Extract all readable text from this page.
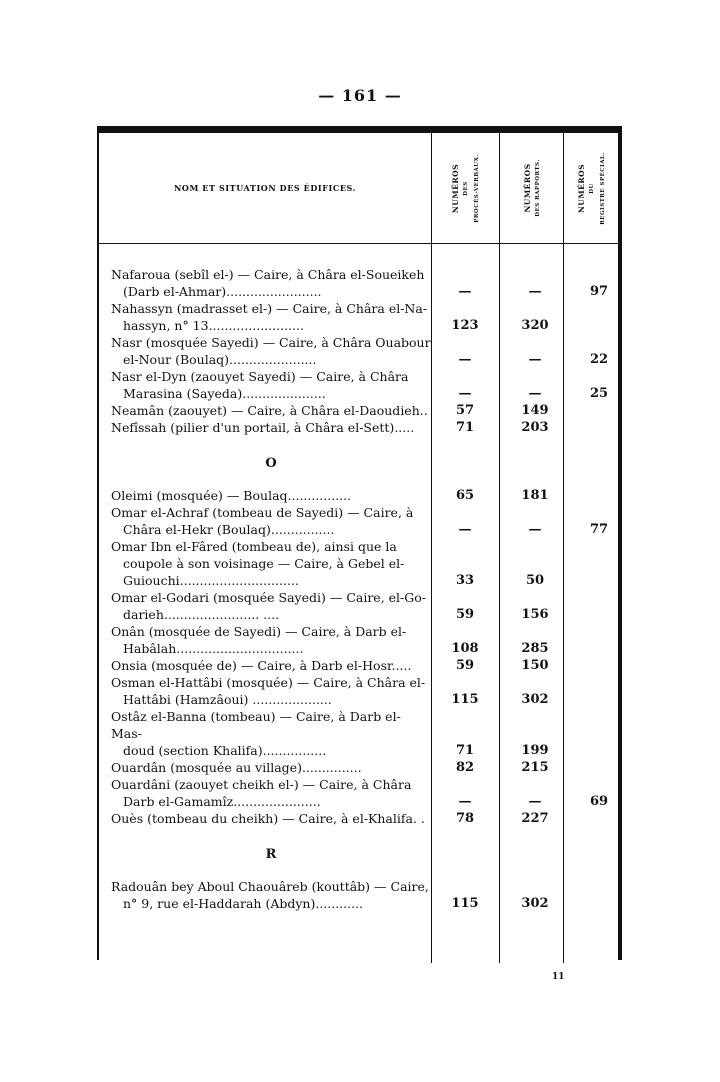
— 161 —
NOM ET SITUATION DES ÉDIFICES.	NUMÉROS DES PROCÈS-VERBAUX.	NUMÉROS DES RAPPORTS.	NUMÉROS DU REGISTRE SPÉCIAL.
Nafaroua (sebîl el-) — Caire, à Châra el-Soueikeh
(Darb el-Ahmar)........................	—	—	97
Nahassyn (madrasset el-) — Caire, à Châra el-Na-
hassyn, n° 13........................	123	320
Nasr (mosquée Sayedi) — Caire, à Châra Ouabour
el-Nour (Boulaq)......................	—	—	22
Nasr el-Dyn (zaouyet Sayedi) — Caire, à Châra
Marasina (Sayeda).....................	—	—	25
Neamân (zaouyet) — Caire, à Châra el-Daoudieh..	57	149
Nefîssah (pilier d'un portail, à Châra el-Sett).....	71	203
O
Oleimi (mosquée) — Boulaq................	65	181
Omar el-Achraf (tombeau de Sayedi) — Caire, à
Châra el-Hekr (Boulaq)................	—	—	77
Omar Ibn el-Fâred (tombeau de), ainsi que la
coupole à son voisinage — Caire, à Gebel el-
Guiouchi..............................	33	50
Omar el-Godari (mosquée Sayedi) — Caire, el-Go-
darieh........................ ....	59	156
Onân (mosquée de Sayedi) — Caire, à Darb el-
Habâlah................................	108	285
Onsia (mosquée de) — Caire, à Darb el-Hosr.....	59	150
Osman el-Hattâbi (mosquée) — Caire, à Châra el-
Hattâbi (Hamzâoui) ....................	115	302
Ostâz el-Banna (tombeau) — Caire, à Darb el-Mas-
doud (section Khalifa)................	71	199
Ouardân (mosquée au village)...............	82	215
Ouardâni (zaouyet cheikh el-) — Caire, à Châra
Darb el-Gamamîz......................	—	—	69
Ouès (tombeau du cheikh) — Caire, à el-Khalifa. .	78	227
R
Radouân bey Aboul Chaouâreb (kouttâb) — Caire,
n° 9, rue el-Haddarah (Abdyn)............	115	302
11
